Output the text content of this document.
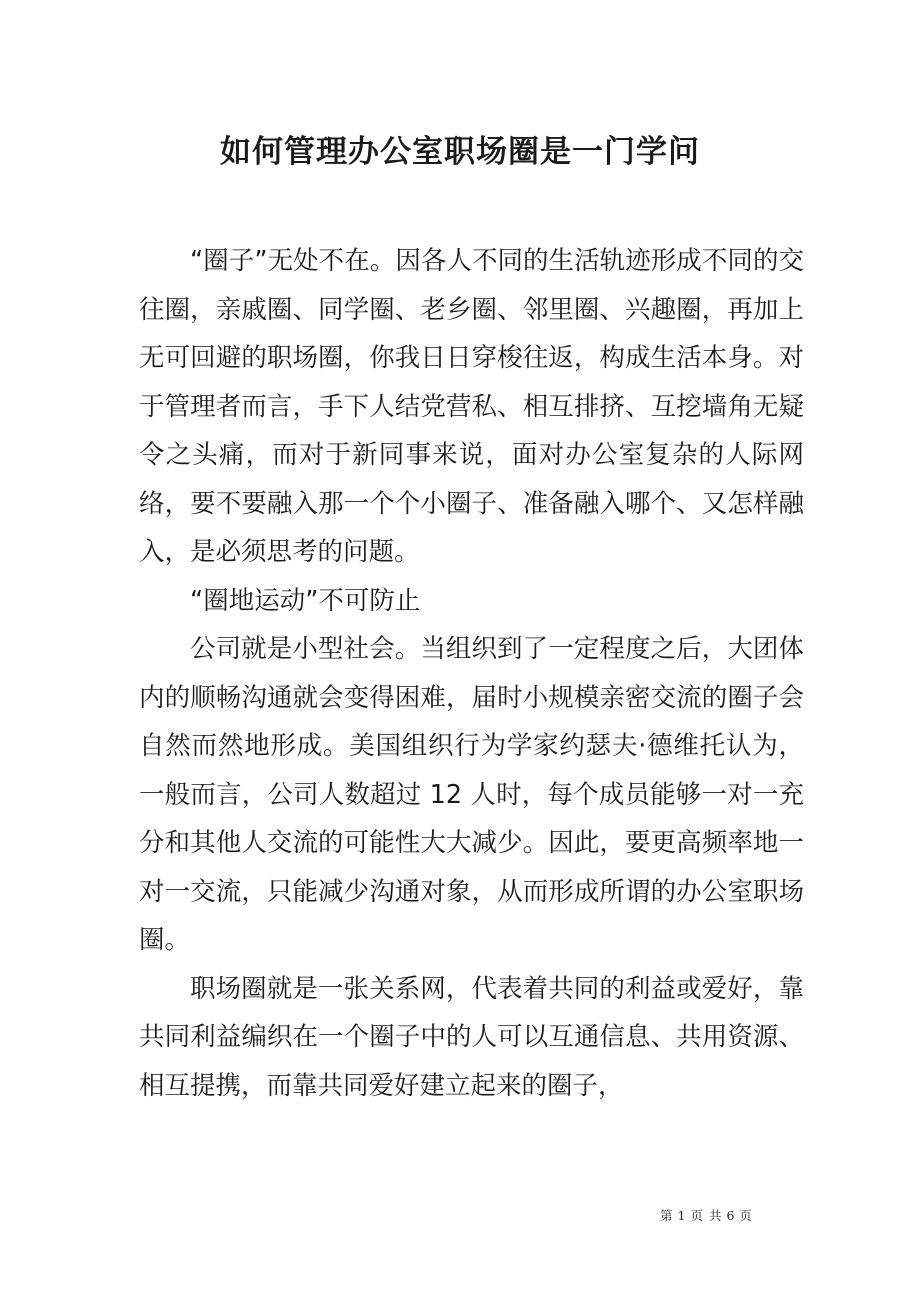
如何管理办公室职场圈是一门学问

“圈子”无处不在。因各人不同的生活轨迹形成不同的交往圈，亲戚圈、同学圈、老乡圈、邻里圈、兴趣圈，再加上无可回避的职场圈，你我日日穿梭往返，构成生活本身。对于管理者而言，手下人结党营私、相互排挤、互挖墙角无疑令之头痛，而对于新同事来说，面对办公室复杂的人际网络，要不要融入那一个个小圈子、准备融入哪个、又怎样融入，是必须思考的问题。

“圈地运动”不可防止

公司就是小型社会。当组织到了一定程度之后，大团体内的顺畅沟通就会变得困难，届时小规模亲密交流的圈子会自然而然地形成。美国组织行为学家约瑟夫·德维托认为，一般而言，公司人数超过 12 人时，每个成员能够一对一充分和其他人交流的可能性大大减少。因此，要更高频率地一对一交流，只能减少沟通对象，从而形成所谓的办公室职场圈。

职场圈就是一张关系网，代表着共同的利益或爱好，靠共同利益编织在一个圈子中的人可以互通信息、共用资源、相互提携，而靠共同爱好建立起来的圈子，

第 1 页 共 6 页
